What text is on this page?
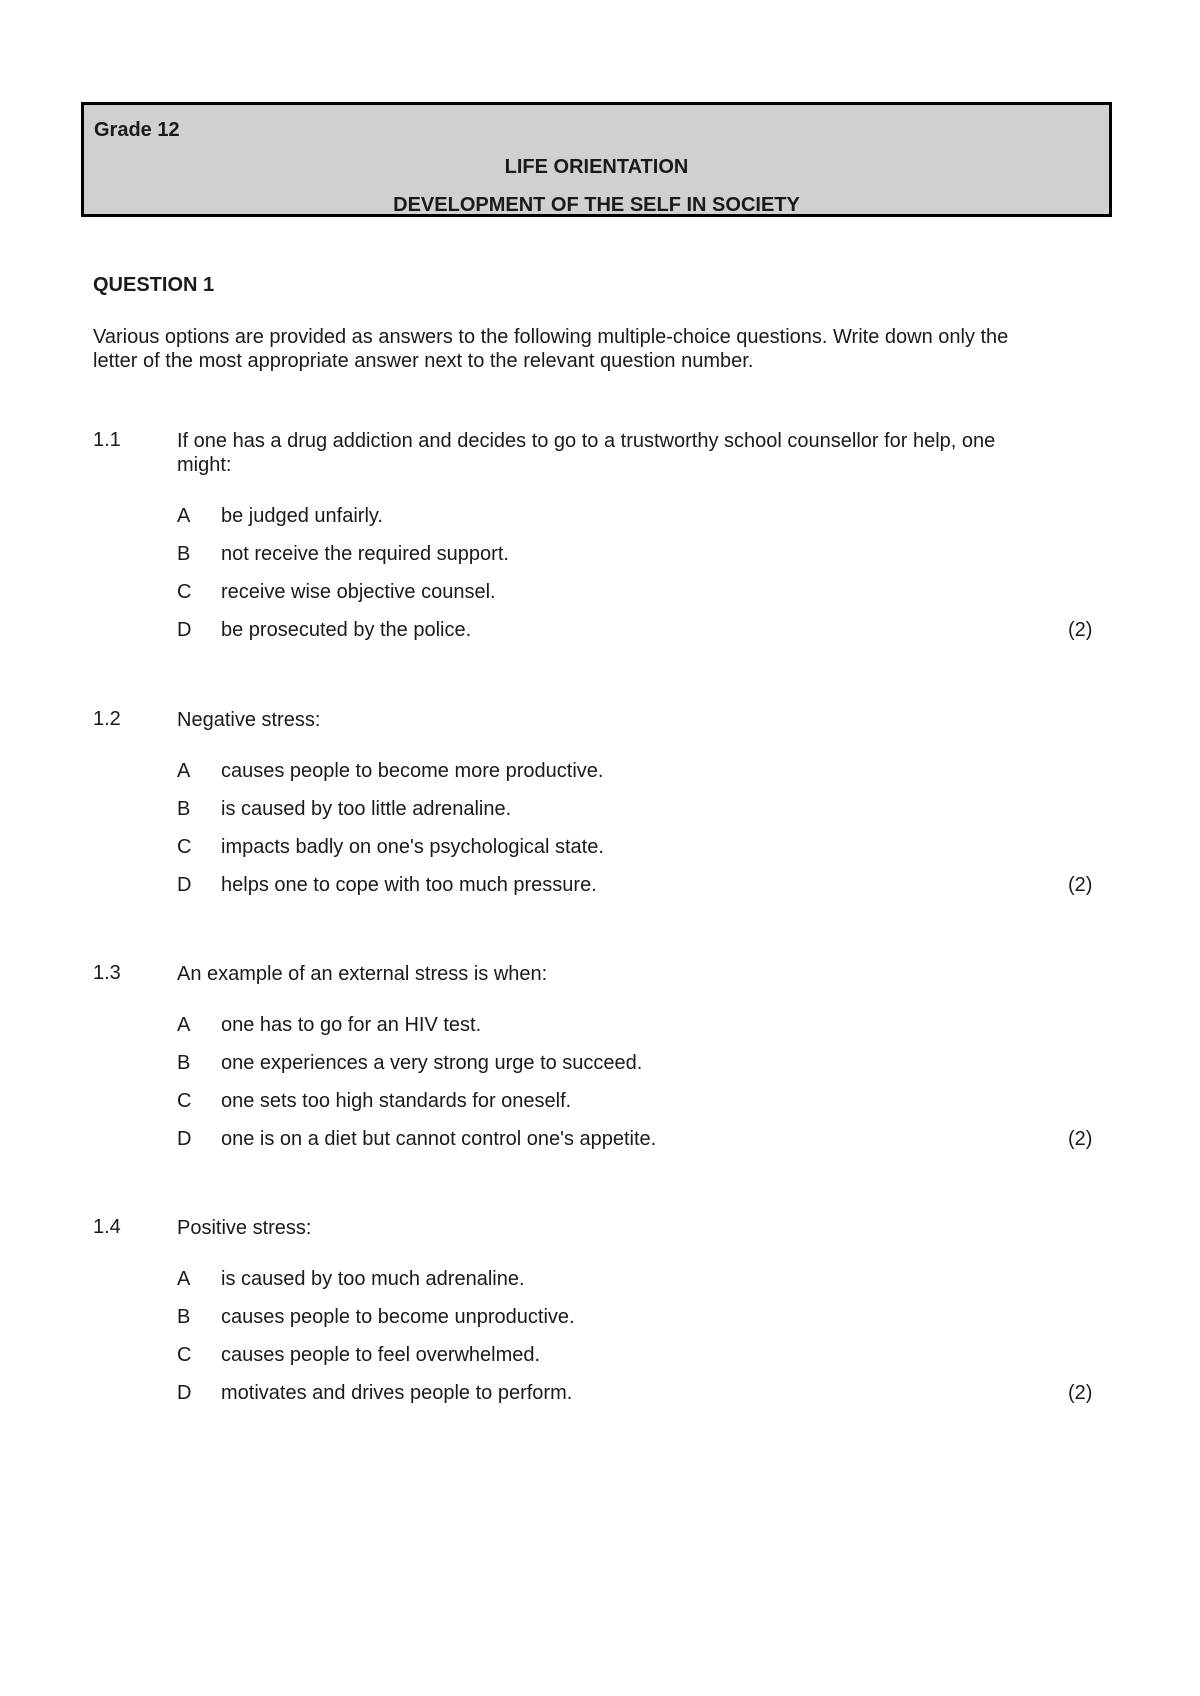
Grade 12
LIFE ORIENTATION
DEVELOPMENT OF THE SELF IN SOCIETY
QUESTION 1
Various options are provided as answers to the following multiple-choice questions. Write down only the letter of the most appropriate answer next to the relevant question number.
1.1	If one has a drug addiction and decides to go to a trustworthy school counsellor for help, one might:
A be judged unfairly.
B not receive the required support.
C receive wise objective counsel.
D be prosecuted by the police.	(2)
1.2	Negative stress:
A causes people to become more productive.
B is caused by too little adrenaline.
C impacts badly on one's psychological state.
D helps one to cope with too much pressure.	(2)
1.3	An example of an external stress is when:
A one has to go for an HIV test.
B one experiences a very strong urge to succeed.
C one sets too high standards for oneself.
D one is on a diet but cannot control one's appetite.	(2)
1.4	Positive stress:
A is caused by too much adrenaline.
B causes people to become unproductive.
C causes people to feel overwhelmed.
D motivates and drives people to perform.	(2)
